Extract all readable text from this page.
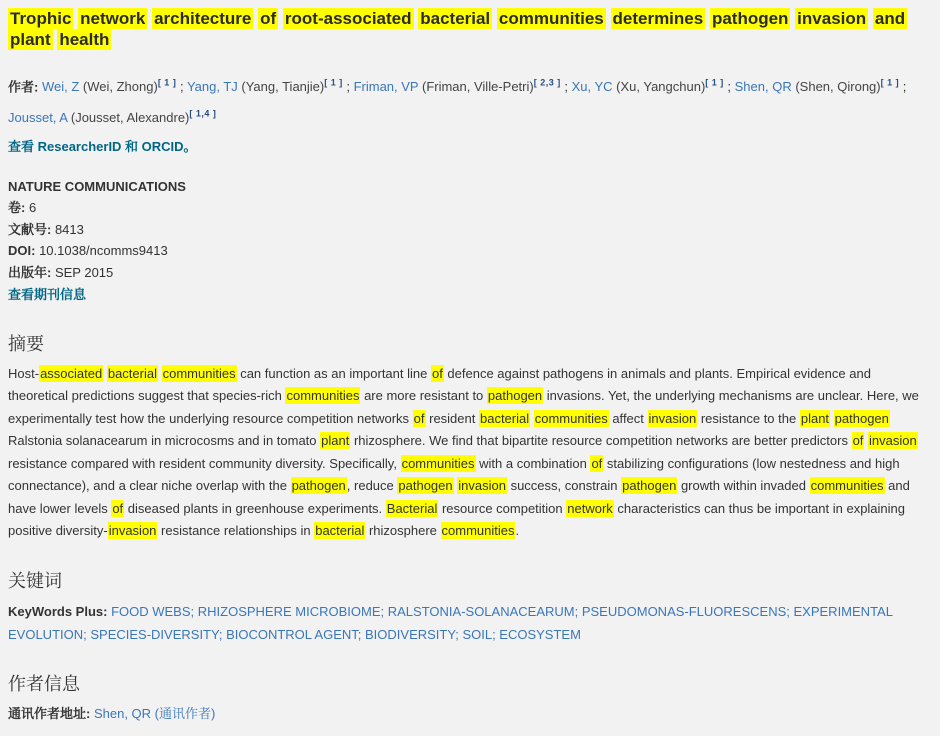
Trophic network architecture of root-associated bacterial communities determines pathogen invasion and plant health

作者: Wei, Z (Wei, Zhong)[ 1 ] ; Yang, TJ (Yang, Tianjie)[ 1 ] ; Friman, VP (Friman, Ville-Petri)[ 2,3 ] ; Xu, YC (Xu, Yangchun)[ 1 ] ; Shen, QR (Shen, Qirong)[ 1 ] ; Jousset, A (Jousset, Alexandre)[ 1,4 ]

查看 ResearcherID 和 ORCID。

NATURE COMMUNICATIONS
卷: 6
文献号: 8413
DOI: 10.1038/ncomms9413
出版年: SEP 2015
查看期刊信息
摘要

Host-associated bacterial communities can function as an important line of defence against pathogens in animals and plants. Empirical evidence and theoretical predictions suggest that species-rich communities are more resistant to pathogen invasions. Yet, the underlying mechanisms are unclear. Here, we experimentally test how the underlying resource competition networks of resident bacterial communities affect invasion resistance to the plant pathogen Ralstonia solanacearum in microcosms and in tomato plant rhizosphere. We find that bipartite resource competition networks are better predictors of invasion resistance compared with resident community diversity. Specifically, communities with a combination of stabilizing configurations (low nestedness and high connectance), and a clear niche overlap with the pathogen, reduce pathogen invasion success, constrain pathogen growth within invaded communities and have lower levels of diseased plants in greenhouse experiments. Bacterial resource competition network characteristics can thus be important in explaining positive diversity-invasion resistance relationships in bacterial rhizosphere communities.

关键词

KeyWords Plus: FOOD WEBS; RHIZOSPHERE MICROBIOME; RALSTONIA-SOLANACEARUM; PSEUDOMONAS-FLUORESCENS; EXPERIMENTAL EVOLUTION; SPECIES-DIVERSITY; BIOCONTROL AGENT; BIODIVERSITY; SOIL; ECOSYSTEM

作者信息

通讯作者地址: Shen, QR (通讯作者)
